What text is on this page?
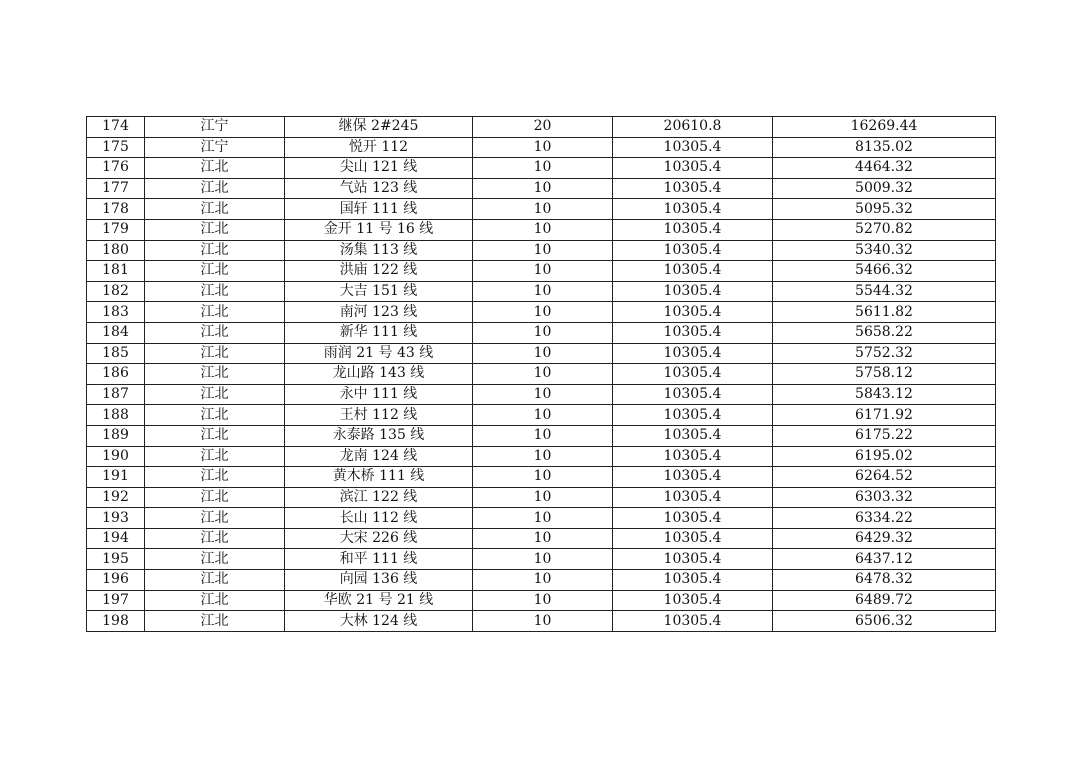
174	江宁	继保 2#245	20	20610.8	16269.44
175	江宁	悦开 112	10	10305.4	8135.02
176	江北	尖山 121 线	10	10305.4	4464.32
177	江北	气站 123 线	10	10305.4	5009.32
178	江北	国轩 111 线	10	10305.4	5095.32
179	江北	金开 11 号 16 线	10	10305.4	5270.82
180	江北	汤集 113 线	10	10305.4	5340.32
181	江北	洪庙 122 线	10	10305.4	5466.32
182	江北	大吉 151 线	10	10305.4	5544.32
183	江北	南河 123 线	10	10305.4	5611.82
184	江北	新华 111 线	10	10305.4	5658.22
185	江北	雨润 21 号 43 线	10	10305.4	5752.32
186	江北	龙山路 143 线	10	10305.4	5758.12
187	江北	永中 111 线	10	10305.4	5843.12
188	江北	王村 112 线	10	10305.4	6171.92
189	江北	永泰路 135 线	10	10305.4	6175.22
190	江北	龙南 124 线	10	10305.4	6195.02
191	江北	黄木桥 111 线	10	10305.4	6264.52
192	江北	滨江 122 线	10	10305.4	6303.32
193	江北	长山 112 线	10	10305.4	6334.22
194	江北	大宋 226 线	10	10305.4	6429.32
195	江北	和平 111 线	10	10305.4	6437.12
196	江北	向园 136 线	10	10305.4	6478.32
197	江北	华欧 21 号 21 线	10	10305.4	6489.72
198	江北	大林 124 线	10	10305.4	6506.32
